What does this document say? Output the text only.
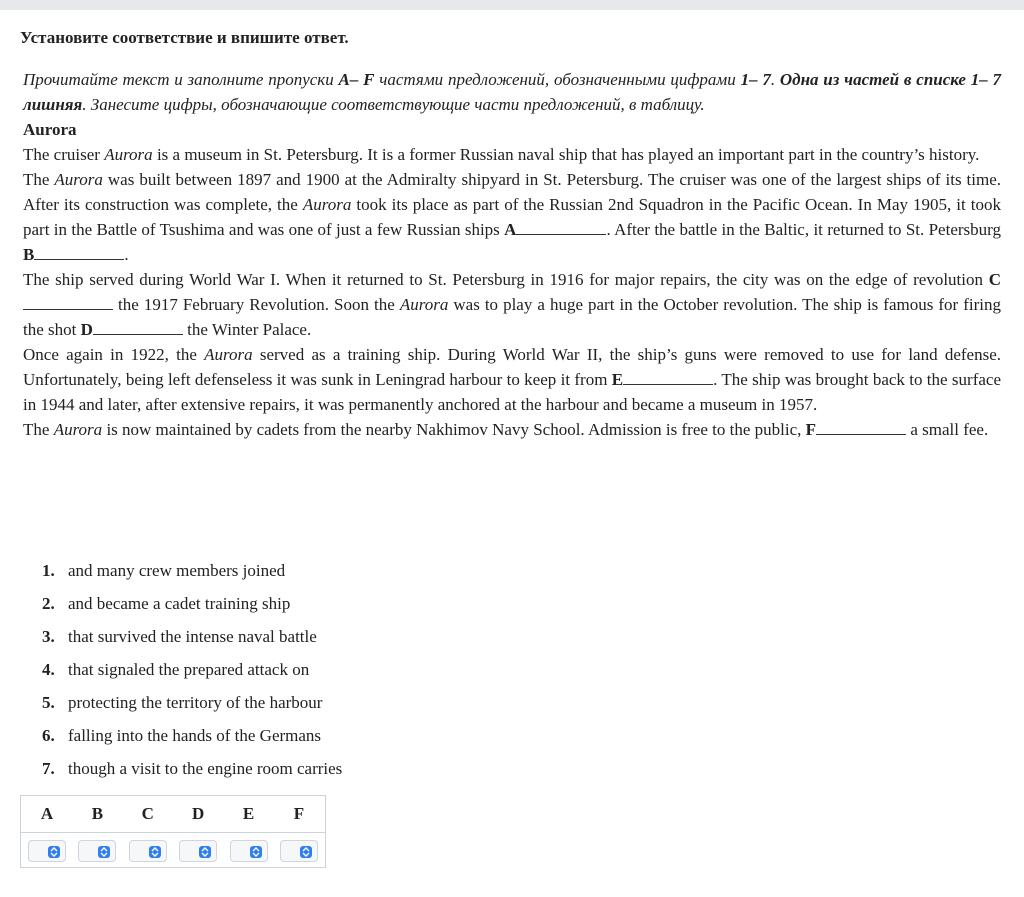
Установите соответствие и впишите ответ.
Прочитайте текст и заполните пропуски A– F частями предложений, обозначенными цифрами 1– 7. Одна из частей в списке 1– 7 лишняя. Занесите цифры, обозначающие соответствующие части предложений, в таблицу.
Aurora
The cruiser Aurora is a museum in St. Petersburg. It is a former Russian naval ship that has played an important part in the country’s history.
The Aurora was built between 1897 and 1900 at the Admiralty shipyard in St. Petersburg. The cruiser was one of the largest ships of its time. After its construction was complete, the Aurora took its place as part of the Russian 2nd Squadron in the Pacific Ocean. In May 1905, it took part in the Battle of Tsushima and was one of just a few Russian ships A	. After the battle in the Baltic, it returned to St. Petersburg B	.
The ship served during World War I. When it returned to St. Petersburg in 1916 for major repairs, the city was on the edge of revolution C the 1917 February Revolution. Soon the Aurora was to play a huge part in the October revolution. The ship is famous for firing the shot D	the Winter Palace.
Once again in 1922, the Aurora served as a training ship. During World War II, the ship’s guns were removed to use for land defense. Unfortunately, being left defenseless it was sunk in Leningrad harbour to keep it from E	. The ship was brought back to the surface in 1944 and later, after extensive repairs, it was permanently anchored at the harbour and became a museum in 1957.
The Aurora is now maintained by cadets from the nearby Nakhimov Navy School. Admission is free to the public, F	a small fee.
1. and many crew members joined
2. and became a cadet training ship
3. that survived the intense naval battle
4. that signaled the prepared attack on
5. protecting the territory of the harbour
6. falling into the hands of the Germans
7. though a visit to the engine room carries
A	B	C	D	E	F
